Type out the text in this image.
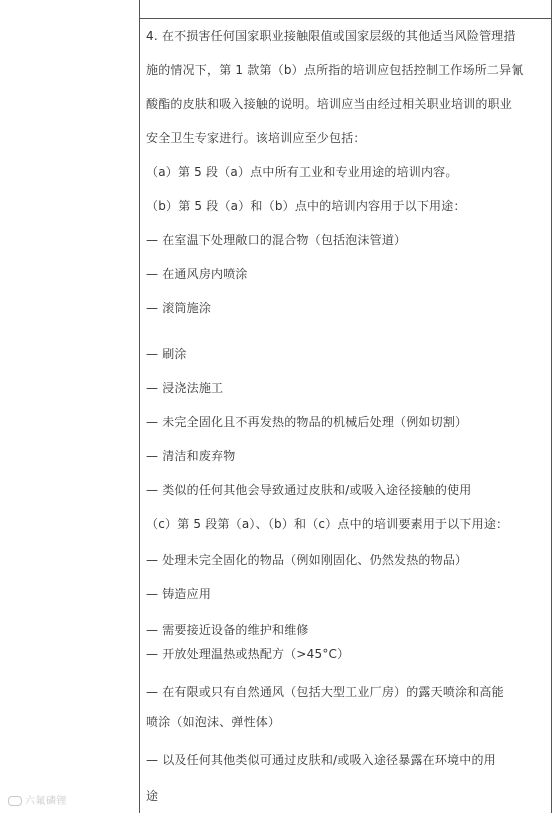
4. 在不损害任何国家职业接触限值或国家层级的其他适当风险管理措
施的情况下，第 1 款第（b）点所指的培训应包括控制工作场所二异氰
酸酯的皮肤和吸入接触的说明。培训应当由经过相关职业培训的职业
安全卫生专家进行。该培训应至少包括：
（a）第 5 段（a）点中所有工业和专业用途的培训内容。
（b）第 5 段（a）和（b）点中的培训内容用于以下用途：
— 在室温下处理敞口的混合物（包括泡沫管道）
— 在通风房内喷涂
— 滚筒施涂
— 刷涂
— 浸浇法施工
— 未完全固化且不再发热的物品的机械后处理（例如切割）
— 清洁和废弃物
— 类似的任何其他会导致通过皮肤和/或吸入途径接触的使用
（c）第 5 段第（a）、（b）和（c）点中的培训要素用于以下用途：
— 处理未完全固化的物品（例如刚固化、仍然发热的物品）
— 铸造应用
— 需要接近设备的维护和维修
— 开放处理温热或热配方（>45°C）
— 在有限或只有自然通风（包括大型工业厂房）的露天喷涂和高能
喷涂（如泡沫、弹性体）
— 以及任何其他类似可通过皮肤和/或吸入途径暴露在环境中的用
途
六氟磷锂
